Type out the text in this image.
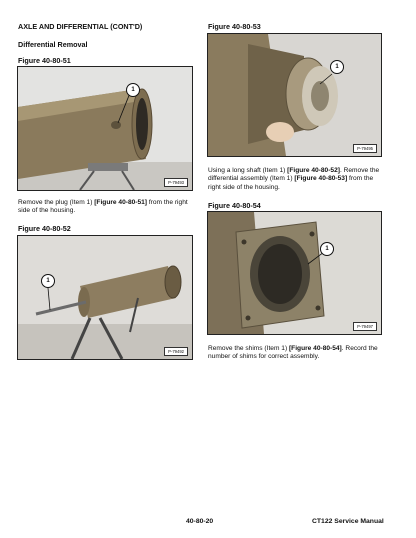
AXLE AND DIFFERENTIAL (CONT'D)
Differential Removal
Figure 40-80-51
1
P-79493
Remove the plug (Item 1) [Figure 40-80-51] from the right side of the housing.
Figure 40-80-52
1
P-79492
Figure 40-80-53
1
P-79495
Using a long shaft (Item 1) [Figure 40-80-52]. Remove the differential assembly (Item 1) [Figure 40-80-53] from the right side of the housing.
Figure 40-80-54
1
P-79497
Remove the shims (Item 1) [Figure 40-80-54]. Record the number of shims for correct assembly.
40-80-20	CT122 Service Manual
